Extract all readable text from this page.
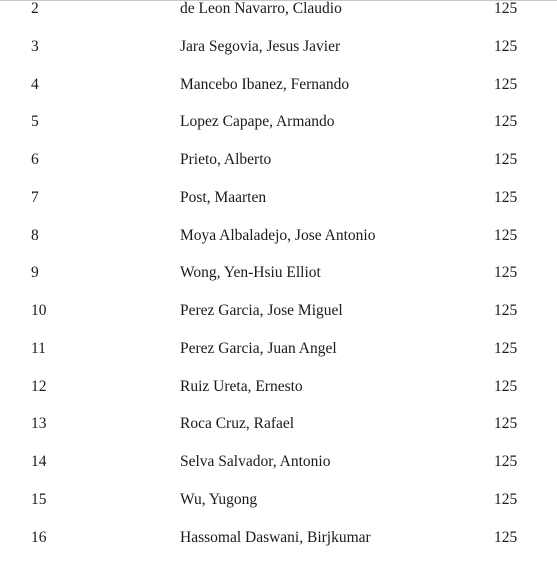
2	de Leon Navarro, Claudio	125
3	Jara Segovia, Jesus Javier	125
4	Mancebo Ibanez, Fernando	125
5	Lopez Capape, Armando	125
6	Prieto, Alberto	125
7	Post, Maarten	125
8	Moya Albaladejo, Jose Antonio	125
9	Wong, Yen-Hsiu Elliot	125
10	Perez Garcia, Jose Miguel	125
11	Perez Garcia, Juan Angel	125
12	Ruiz Ureta, Ernesto	125
13	Roca Cruz, Rafael	125
14	Selva Salvador, Antonio	125
15	Wu, Yugong	125
16	Hassomal Daswani, Birjkumar	125
